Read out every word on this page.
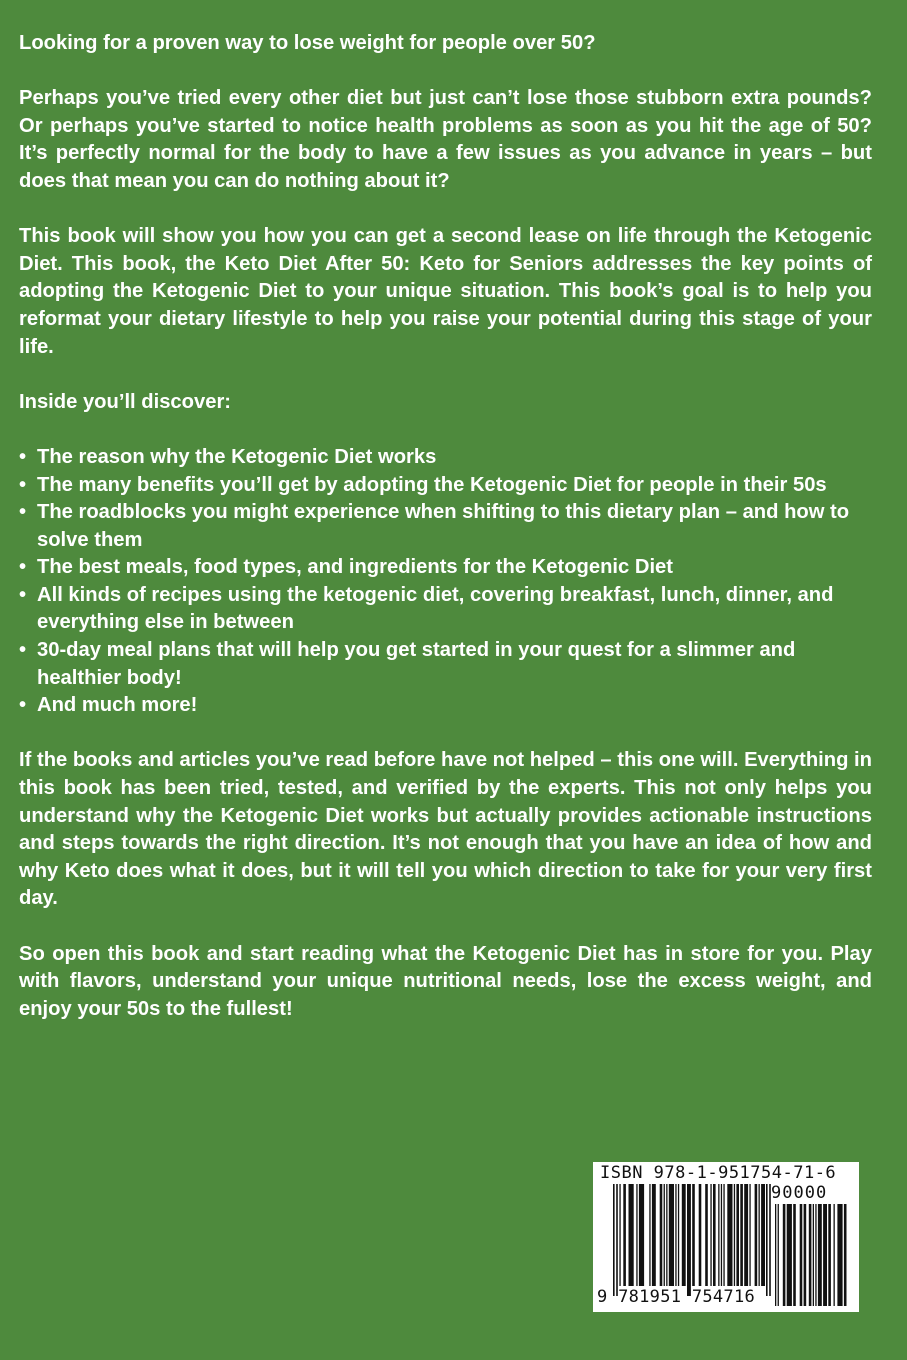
Looking for a proven way to lose weight for people over 50?

Perhaps you’ve tried every other diet but just can’t lose those stubborn extra pounds? Or perhaps you’ve started to notice health problems as soon as you hit the age of 50? It’s perfectly normal for the body to have a few issues as you advance in years – but does that mean you can do nothing about it?

This book will show you how you can get a second lease on life through the Ketogenic Diet. This book, the Keto Diet After 50: Keto for Seniors addresses the key points of adopting the Ketogenic Diet to your unique situation. This book’s goal is to help you reformat your dietary lifestyle to help you raise your potential during this stage of your life.

Inside you’ll discover:

• The reason why the Ketogenic Diet works
• The many benefits you’ll get by adopting the Ketogenic Diet for people in their 50s
• The roadblocks you might experience when shifting to this dietary plan – and how to solve them
• The best meals, food types, and ingredients for the Ketogenic Diet
• All kinds of recipes using the ketogenic diet, covering breakfast, lunch, dinner, and everything else in between
• 30-day meal plans that will help you get started in your quest for a slimmer and healthier body!
• And much more!

If the books and articles you’ve read before have not helped – this one will. Everything in this book has been tried, tested, and verified by the experts. This not only helps you understand why the Ketogenic Diet works but actually provides actionable instructions and steps towards the right direction. It’s not enough that you have an idea of how and why Keto does what it does, but it will tell you which direction to take for your very first day.

So open this book and start reading what the Ketogenic Diet has in store for you. Play with flavors, understand your unique nutritional needs, lose the excess weight, and enjoy your 50s to the fullest!

ISBN 978-1-951754-71-6
90000
9 781951 754716
